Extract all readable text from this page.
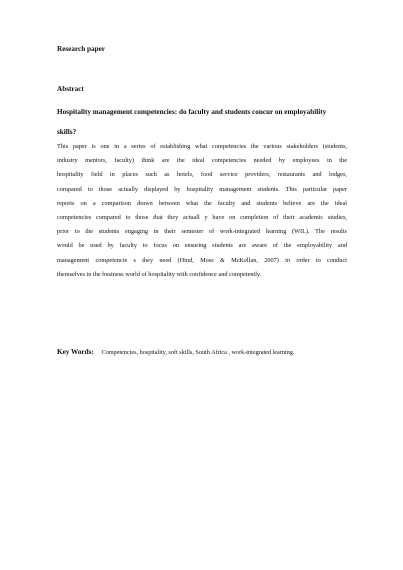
Research paper
Abstract
Hospitality management competencies: do faculty and students concur on employability
skills?
This paper is one in a series of establishing what competencies the various stakeholders (students,
industry mentors, faculty) think are the ideal competencies needed by employees in the
hospitality field in places such as hotels, food service providers, restaurants and lodges,
compared to those actually displayed by hospitality management students. This particular paper
reports on a comparison drawn between what the faculty and students believe are the ideal
competencies compared to those that they actuall y have on completion of their academic studies,
prior to the students engaging in their semester of work-integrated learning (WIL). The results
would be used by faculty to focus on ensuring students are aware of the employability and
management competencie s they need (Hind, Moss & McKellan, 2007) in order to conduct
themselves in the business world of hospitality with confidence and competently.
Key Words: Competencies, hospitality, soft skills, South Africa , work-integrated learning.
